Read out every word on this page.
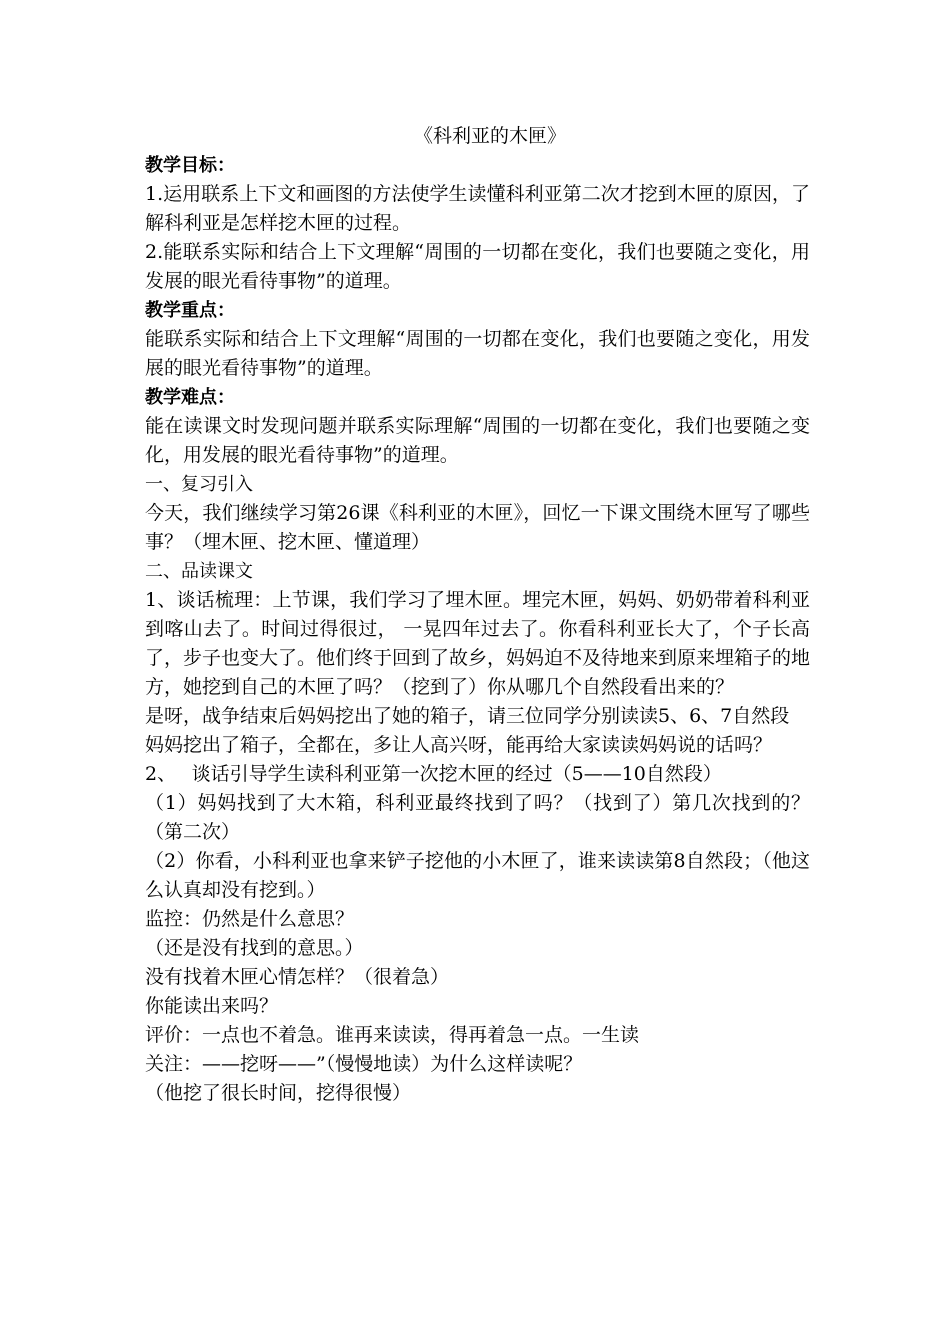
《科利亚的木匣》
教学目标：
1.运用联系上下文和画图的方法使学生读懂科利亚第二次才挖到木匣的原因，了解科利亚是怎样挖木匣的过程。
2.能联系实际和结合上下文理解“周围的一切都在变化，我们也要随之变化，用发展的眼光看待事物”的道理。
教学重点：
能联系实际和结合上下文理解“周围的一切都在变化，我们也要随之变化，用发展的眼光看待事物”的道理。
教学难点：
能在读课文时发现问题并联系实际理解“周围的一切都在变化，我们也要随之变化，用发展的眼光看待事物”的道理。
一、复习引入
今天，我们继续学习第26课《科利亚的木匣》，回忆一下课文围绕木匣写了哪些事？（埋木匣、挖木匣、懂道理）
二、品读课文
1、谈话梳理：上节课，我们学习了埋木匣。埋完木匣，妈妈、奶奶带着科利亚到喀山去了。时间过得很过， 一晃四年过去了。你看科利亚长大了，个子长高了，步子也变大了。他们终于回到了故乡，妈妈迫不及待地来到原来埋箱子的地方，她挖到自己的木匣了吗？（挖到了）你从哪几个自然段看出来的？
是呀，战争结束后妈妈挖出了她的箱子，请三位同学分别读读5、6、7自然段
妈妈挖出了箱子，全都在，多让人高兴呀，能再给大家读读妈妈说的话吗？
2、　 谈话引导学生读科利亚第一次挖木匣的经过（5——10自然段）
（1）妈妈找到了大木箱，科利亚最终找到了吗？（找到了）第几次找到的？（第二次）
（2）你看，小科利亚也拿来铲子挖他的小木匣了，谁来读读第8自然段；（他这么认真却没有挖到。）
监控：仍然是什么意思？
（还是没有找到的意思。）
没有找着木匣心情怎样？（很着急）
你能读出来吗？
评价：一点也不着急。谁再来读读，得再着急一点。一生读
关注：——挖呀——”（慢慢地读）为什么这样读呢？
（他挖了很长时间，挖得很慢）
